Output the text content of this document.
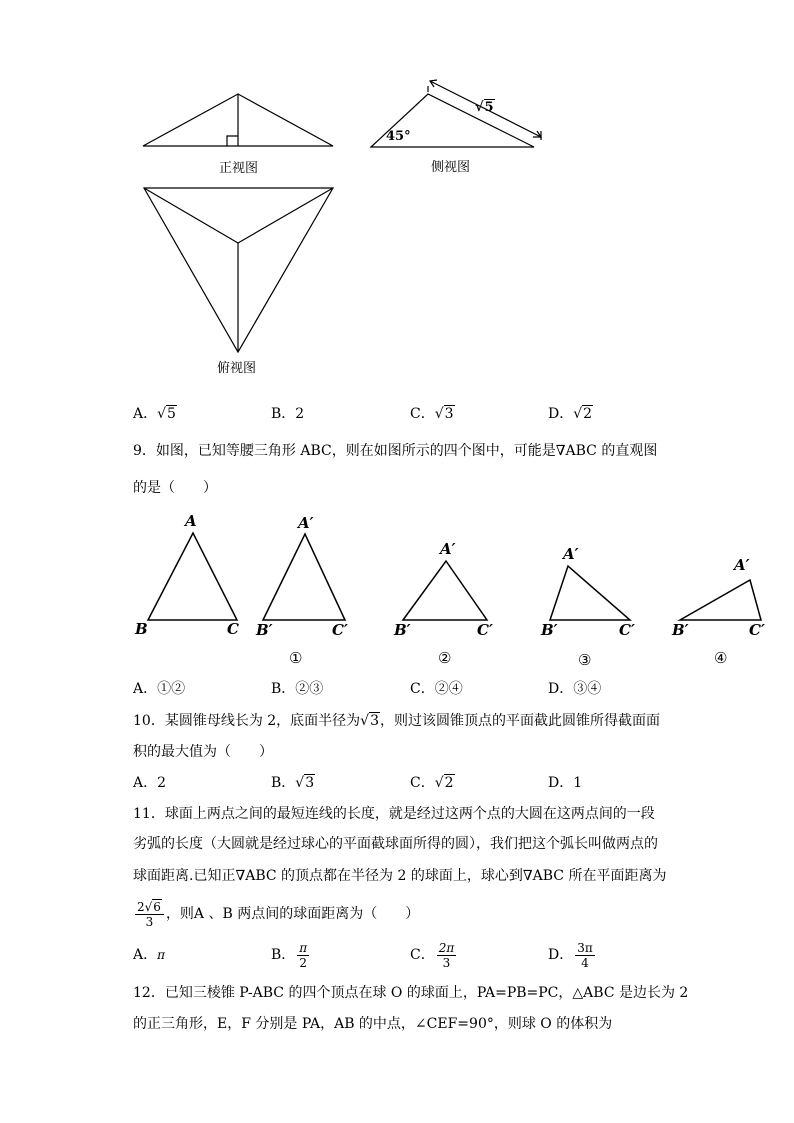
正视图	侧视图
俯视图
45°
√5
A．√5	B．2	C．√3	D．√2
9．如图，已知等腰三角形 ABC，则在如图所示的四个图中，可能是∇ABC 的直观图
的是（　　）
A
B	C
A′
B′	C′
A′
B′	C′
A′
B′	C′
A′
B′	C′
①	②	③	④
A．①②	B．②③	C．②④	D．③④
10．某圆锥母线长为 2，底面半径为√3，则过该圆锥顶点的平面截此圆锥所得截面面
积的最大值为（　　）
A．2	B．√3	C．√2	D．1
11．球面上两点之间的最短连线的长度，就是经过这两个点的大圆在这两点间的一段
劣弧的长度（大圆就是经过球心的平面截球面所得的圆），我们把这个弧长叫做两点的
球面距离.已知正∇ABC 的顶点都在半径为 2 的球面上，球心到∇ABC 所在平面距离为
$\frac{2√6}{3}$ ，则A 、B 两点间的球面距离为（　　）
A．π	B． $\frac{\pi}{2}$	C． $\frac{2\pi}{3}$	D． $\frac{3\pi}{4}$
12．已知三棱锥 P-ABC 的四个顶点在球 O 的球面上，PA=PB=PC，△ABC 是边长为 2
的正三角形，E，F 分别是 PA，AB 的中点，∠CEF=90°，则球 O 的体积为
